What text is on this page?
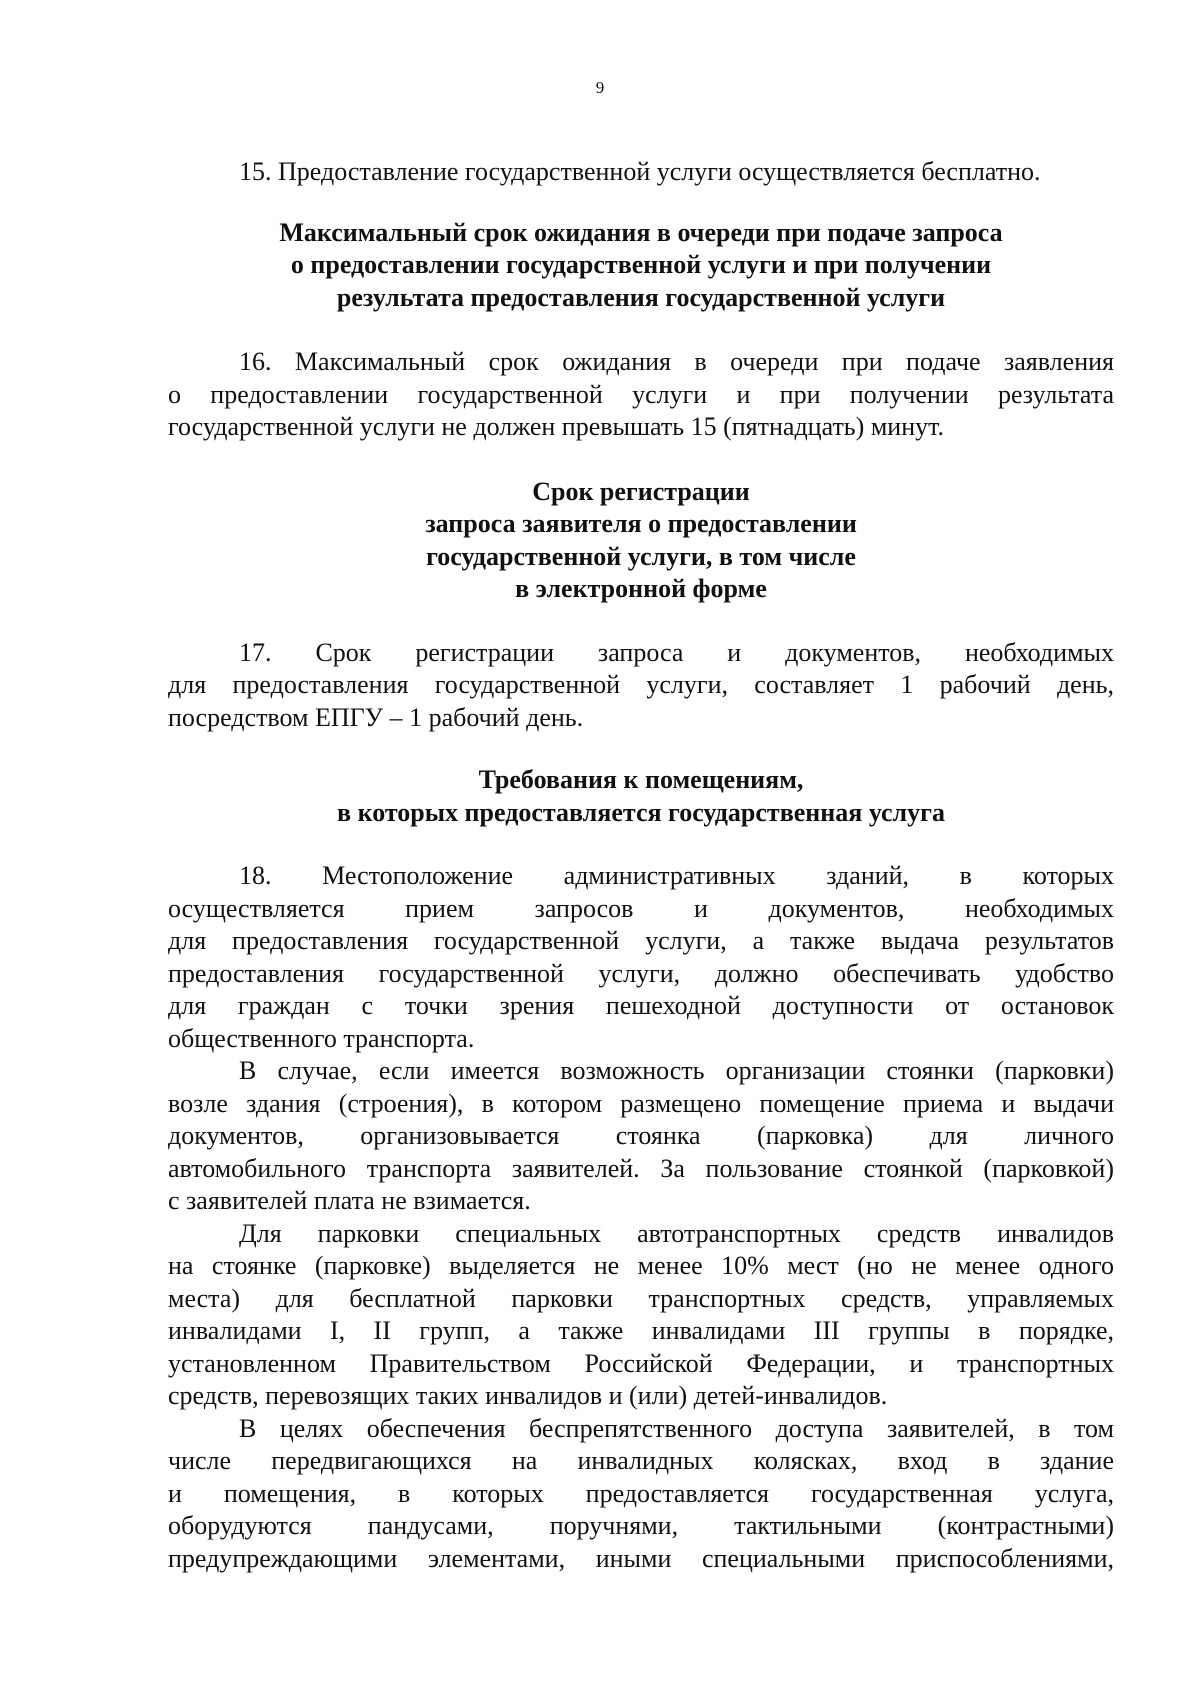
9

15. Предоставление государственной услуги осуществляется бесплатно.

Максимальный срок ожидания в очереди при подаче запроса
о предоставлении государственной услуги и при получении
результата предоставления государственной услуги

16. Максимальный срок ожидания в очереди при подаче заявления
о предоставлении государственной услуги и при получении результата
государственной услуги не должен превышать 15 (пятнадцать) минут.

Срок регистрации
запроса заявителя о предоставлении
государственной услуги, в том числе
в электронной форме

17. Срок регистрации запроса и документов, необходимых
для предоставления государственной услуги, составляет 1 рабочий день,
посредством ЕПГУ – 1 рабочий день.

Требования к помещениям,
в которых предоставляется государственная услуга

18. Местоположение административных зданий, в которых
осуществляется прием запросов и документов, необходимых
для предоставления государственной услуги, а также выдача результатов
предоставления государственной услуги, должно обеспечивать удобство
для граждан с точки зрения пешеходной доступности от остановок
общественного транспорта.

В случае, если имеется возможность организации стоянки (парковки)
возле здания (строения), в котором размещено помещение приема и выдачи
документов, организовывается стоянка (парковка) для личного
автомобильного транспорта заявителей. За пользование стоянкой (парковкой)
с заявителей плата не взимается.

Для парковки специальных автотранспортных средств инвалидов
на стоянке (парковке) выделяется не менее 10% мест (но не менее одного
места) для бесплатной парковки транспортных средств, управляемых
инвалидами I, II групп, а также инвалидами III группы в порядке,
установленном Правительством Российской Федерации, и транспортных
средств, перевозящих таких инвалидов и (или) детей-инвалидов.

В целях обеспечения беспрепятственного доступа заявителей, в том
числе передвигающихся на инвалидных колясках, вход в здание
и помещения, в которых предоставляется государственная услуга,
оборудуются пандусами, поручнями, тактильными (контрастными)
предупреждающими элементами, иными специальными приспособлениями,
